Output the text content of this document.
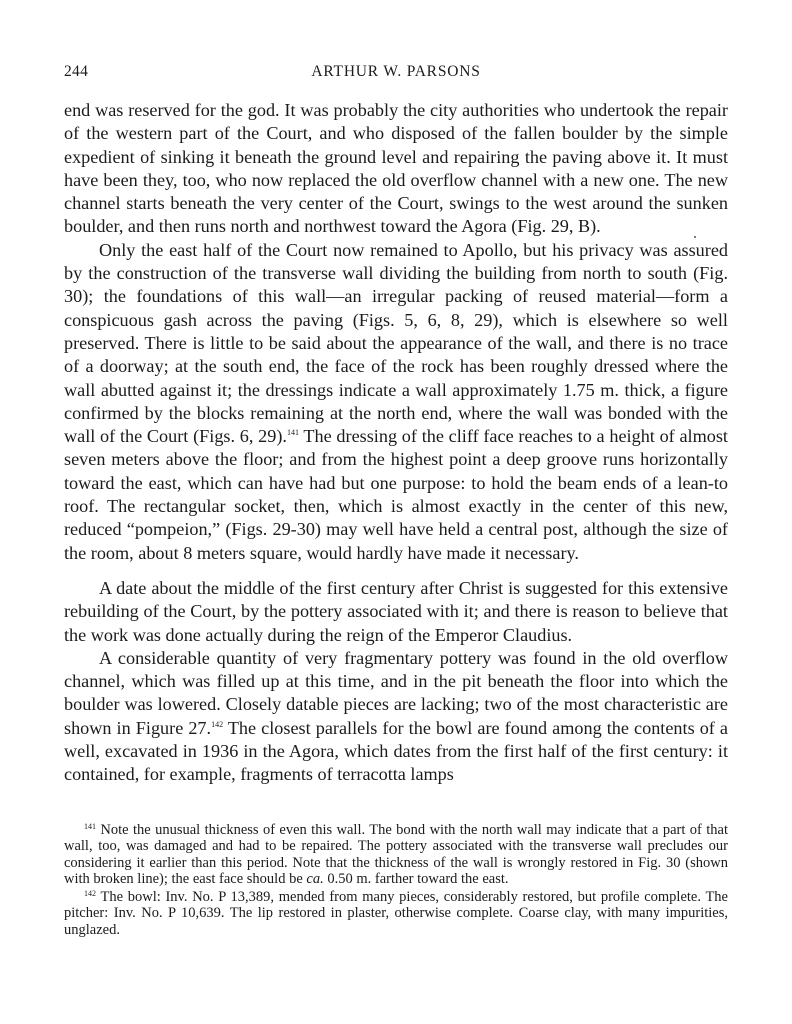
244	ARTHUR W. PARSONS

end was reserved for the god. It was probably the city authorities who undertook the repair of the western part of the Court, and who disposed of the fallen boulder by the simple expedient of sinking it beneath the ground level and repairing the paving above it. It must have been they, too, who now replaced the old overflow channel with a new one. The new channel starts beneath the very center of the Court, swings to the west around the sunken boulder, and then runs north and northwest toward the Agora (Fig. 29, B).

Only the east half of the Court now remained to Apollo, but his privacy was assured by the construction of the transverse wall dividing the building from north to south (Fig. 30); the foundations of this wall—an irregular packing of reused material—form a conspicuous gash across the paving (Figs. 5, 6, 8, 29), which is elsewhere so well preserved. There is little to be said about the appearance of the wall, and there is no trace of a doorway; at the south end, the face of the rock has been roughly dressed where the wall abutted against it; the dressings indicate a wall approximately 1.75 m. thick, a figure confirmed by the blocks remaining at the north end, where the wall was bonded with the wall of the Court (Figs. 6, 29).$^{141}$ The dressing of the cliff face reaches to a height of almost seven meters above the floor; and from the highest point a deep groove runs horizontally toward the east, which can have had but one purpose: to hold the beam ends of a lean-to roof. The rectangular socket, then, which is almost exactly in the center of this new, reduced “pompeion,” (Figs. 29-30) may well have held a central post, although the size of the room, about 8 meters square, would hardly have made it necessary.

A date about the middle of the first century after Christ is suggested for this extensive rebuilding of the Court, by the pottery associated with it; and there is reason to believe that the work was done actually during the reign of the Emperor Claudius.

A considerable quantity of very fragmentary pottery was found in the old overflow channel, which was filled up at this time, and in the pit beneath the floor into which the boulder was lowered. Closely datable pieces are lacking; two of the most characteristic are shown in Figure 27.$^{142}$ The closest parallels for the bowl are found among the contents of a well, excavated in 1936 in the Agora, which dates from the first half of the first century: it contained, for example, fragments of terracotta lamps

$^{141}$ Note the unusual thickness of even this wall. The bond with the north wall may indicate that a part of that wall, too, was damaged and had to be repaired. The pottery associated with the transverse wall precludes our considering it earlier than this period. Note that the thickness of the wall is wrongly restored in Fig. 30 (shown with broken line); the east face should be ca. 0.50 m. farther toward the east.

$^{142}$ The bowl: Inv. No. P 13,389, mended from many pieces, considerably restored, but profile complete. The pitcher: Inv. No. P 10,639. The lip restored in plaster, otherwise complete. Coarse clay, with many impurities, unglazed.
